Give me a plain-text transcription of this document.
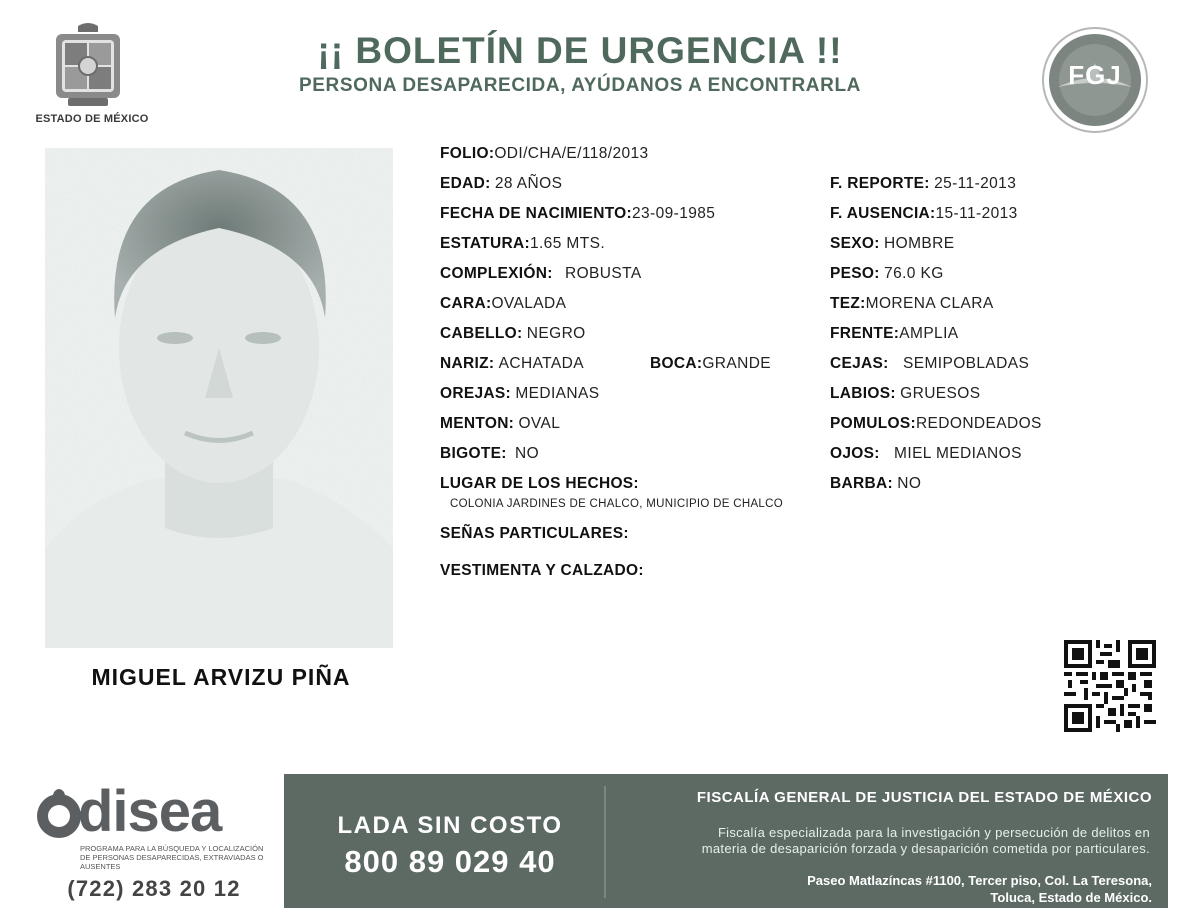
ESTADO DE MÉXICO
¡¡ BOLETÍN DE URGENCIA !!
PERSONA DESAPARECIDA, AYÚDANOS A ENCONTRARLA	FGJ
MIGUEL ARVIZU PIÑA
FOLIO:ODI/CHA/E/118/2013
EDAD: 28 AÑOS
FECHA DE NACIMIENTO:23-09-1985
ESTATURA:1.65 MTS.
COMPLEXIÓN: ROBUSTA
CARA:OVALADA
CABELLO: NEGRO
NARIZ: ACHATADA	BOCA:GRANDE
OREJAS: MEDIANAS
MENTON: OVAL
BIGOTE: NO
LUGAR DE LOS HECHOS:
COLONIA JARDINES DE CHALCO, MUNICIPIO DE CHALCO
SEÑAS PARTICULARES:
VESTIMENTA Y CALZADO:
F. REPORTE: 25-11-2013
F. AUSENCIA:15-11-2013
SEXO: HOMBRE
PESO: 76.0 KG
TEZ:MORENA CLARA
FRENTE:AMPLIA
CEJAS: SEMIPOBLADAS
LABIOS: GRUESOS
POMULOS:REDONDEADOS
OJOS: MIEL MEDIANOS
BARBA: NO
disea
PROGRAMA PARA LA BÚSQUEDA Y LOCALIZACIÓN DE PERSONAS DESAPARECIDAS, EXTRAVIADAS O AUSENTES
(722) 283 20 12
LADA SIN COSTO
800 89 029 40
FISCALÍA GENERAL DE JUSTICIA DEL ESTADO DE MÉXICO
Fiscalía especializada para la investigación y persecución de delitos en
materia de desaparición forzada y desaparición cometida por particulares.
Paseo Matlazíncas #1100, Tercer piso, Col. La Teresona,
Toluca, Estado de México.
